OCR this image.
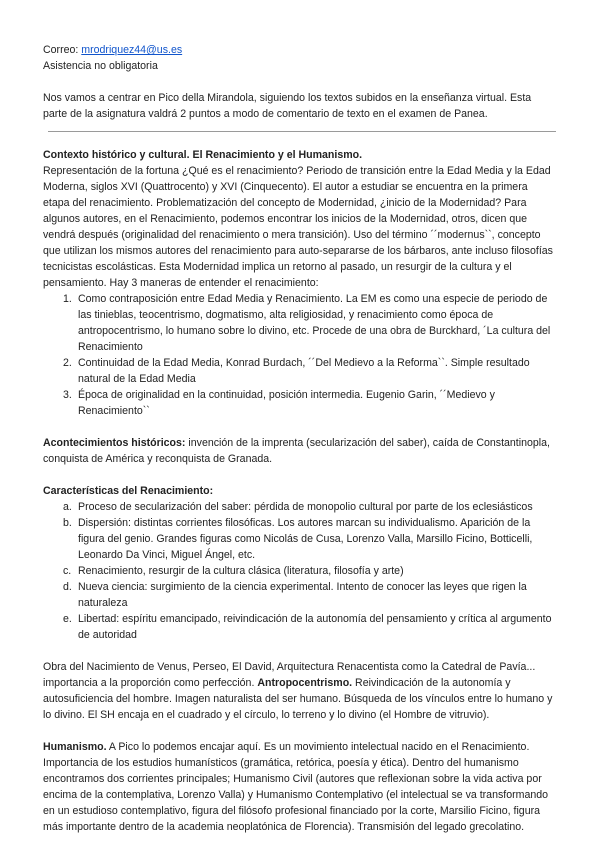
Correo: mrodriquez44@us.es

Asistencia no obligatoria

Nos vamos a centrar en Pico della Mirandola, siguiendo los textos subidos en la enseñanza virtual. Esta parte de la asignatura valdrá 2 puntos a modo de comentario de texto en el examen de Panea.

Contexto histórico y cultural. El Renacimiento y el Humanismo.

Representación de la fortuna ¿Qué es el renacimiento? Periodo de transición entre la Edad Media y la Edad Moderna, siglos XVI (Quattrocento) y XVI (Cinquecento). El autor a estudiar se encuentra en la primera etapa del renacimiento. Problematización del concepto de Modernidad, ¿inicio de la Modernidad? Para algunos autores, en el Renacimiento, podemos encontrar los inicios de la Modernidad, otros, dicen que vendrá después (originalidad del renacimiento o mera transición). Uso del término ´´modernus``, concepto que utilizan los mismos autores del renacimiento para auto-separarse de los bárbaros, ante incluso filosofías tecnicistas escolásticas. Esta Modernidad implica un retorno al pasado, un resurgir de la cultura y el pensamiento. Hay 3 maneras de entender el renacimiento:

1. Como contraposición entre Edad Media y Renacimiento. La EM es como una especie de periodo de las tinieblas, teocentrismo, dogmatismo, alta religiosidad, y renacimiento como época de antropocentrismo, lo humano sobre lo divino, etc. Procede de una obra de Burckhard, ´La cultura del Renacimiento
2. Continuidad de la Edad Media, Konrad Burdach, ´´Del Medievo a la Reforma``. Simple resultado natural de la Edad Media
3. Época de originalidad en la continuidad, posición intermedia. Eugenio Garin, ´´Medievo y Renacimiento``

Acontecimientos históricos: invención de la imprenta (secularización del saber), caída de Constantinopla, conquista de América y reconquista de Granada.

Características del Renacimiento:

a. Proceso de secularización del saber: pérdida de monopolio cultural por parte de los eclesiásticos
b. Dispersión: distintas corrientes filosóficas. Los autores marcan su individualismo. Aparición de la figura del genio. Grandes figuras como Nicolás de Cusa, Lorenzo Valla, Marsillo Ficino, Botticelli, Leonardo Da Vinci, Miguel Ángel, etc.
c. Renacimiento, resurgir de la cultura clásica (literatura, filosofía y arte)
d. Nueva ciencia: surgimiento de la ciencia experimental. Intento de conocer las leyes que rigen la naturaleza
e. Libertad: espíritu emancipado, reivindicación de la autonomía del pensamiento y crítica al argumento de autoridad

Obra del Nacimiento de Venus, Perseo, El David, Arquitectura Renacentista como la Catedral de Pavía... importancia a la proporción como perfección. Antropocentrismo. Reivindicación de la autonomía y autosuficiencia del hombre. Imagen naturalista del ser humano. Búsqueda de los vínculos entre lo humano y lo divino. El SH encaja en el cuadrado y el círculo, lo terreno y lo divino (el Hombre de vitruvio).

Humanismo. A Pico lo podemos encajar aquí. Es un movimiento intelectual nacido en el Renacimiento. Importancia de los estudios humanísticos (gramática, retórica, poesía y ética). Dentro del humanismo encontramos dos corrientes principales; Humanismo Civil (autores que reflexionan sobre la vida activa por encima de la contemplativa, Lorenzo Valla) y Humanismo Contemplativo (el intelectual se va transformando en un estudioso contemplativo, figura del filósofo profesional financiado por la corte, Marsilio Ficino, figura más importante dentro de la academia neoplatónica de Florencia). Transmisión del legado grecolatino.
